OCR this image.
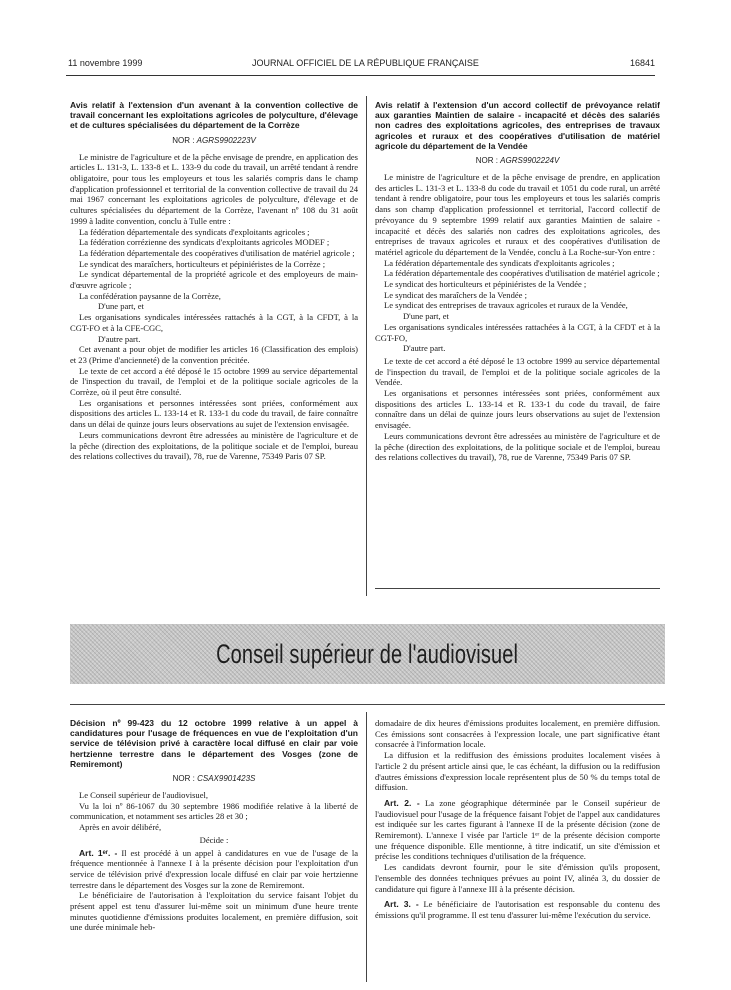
11 novembre 1999	JOURNAL OFFICIEL DE LA RÉPUBLIQUE FRANÇAISE	16841

Avis relatif à l'extension d'un avenant à la convention collective de travail concernant les exploitations agricoles de polyculture, d'élevage et de cultures spécialisées du département de la Corrèze

NOR : AGRS9902223V

Le ministre de l'agriculture et de la pêche envisage de prendre, en application des articles L. 131-3, L. 133-8 et L. 133-9 du code du travail, un arrêté tendant à rendre obligatoire, pour tous les employeurs et tous les salariés compris dans le champ d'application professionnel et territorial de la convention collective de travail du 24 mai 1967 concernant les exploitations agricoles de polyculture, d'élevage et de cultures spécialisées du département de la Corrèze, l'avenant nº 108 du 31 août 1999 à ladite convention, conclu à Tulle entre :

La fédération départementale des syndicats d'exploitants agricoles ;

La fédération corrézienne des syndicats d'exploitants agricoles MODEF ;

La fédération départementale des coopératives d'utilisation de matériel agricole ;

Le syndicat des maraîchers, horticulteurs et pépiniéristes de la Corrèze ;

Le syndicat départemental de la propriété agricole et des employeurs de main-d'œuvre agricole ;

La confédération paysanne de la Corrèze,

D'une part, et

Les organisations syndicales intéressées rattachés à la CGT, à la CFDT, à la CGT-FO et à la CFE-CGC,

D'autre part.

Cet avenant a pour objet de modifier les articles 16 (Classification des emplois) et 23 (Prime d'ancienneté) de la convention précitée.

Le texte de cet accord a été déposé le 15 octobre 1999 au service départemental de l'inspection du travail, de l'emploi et de la politique sociale agricoles de la Corrèze, où il peut être consulté.

Les organisations et personnes intéressées sont priées, conformément aux dispositions des articles L. 133-14 et R. 133-1 du code du travail, de faire connaître dans un délai de quinze jours leurs observations au sujet de l'extension envisagée.

Leurs communications devront être adressées au ministère de l'agriculture et de la pêche (direction des exploitations, de la politique sociale et de l'emploi, bureau des relations collectives du travail), 78, rue de Varenne, 75349 Paris 07 SP.

Avis relatif à l'extension d'un accord collectif de prévoyance relatif aux garanties Maintien de salaire - incapacité et décès des salariés non cadres des exploitations agricoles, des entreprises de travaux agricoles et ruraux et des coopératives d'utilisation de matériel agricole du département de la Vendée

NOR : AGRS9902224V

Le ministre de l'agriculture et de la pêche envisage de prendre, en application des articles L. 131-3 et L. 133-8 du code du travail et 1051 du code rural, un arrêté tendant à rendre obligatoire, pour tous les employeurs et tous les salariés compris dans son champ d'application professionnel et territorial, l'accord collectif de prévoyance du 9 septembre 1999 relatif aux garanties Maintien de salaire - incapacité et décès des salariés non cadres des exploitations agricoles, des entreprises de travaux agricoles et ruraux et des coopératives d'utilisation de matériel agricole du département de la Vendée, conclu à La Roche-sur-Yon entre :

La fédération départementale des syndicats d'exploitants agricoles ;

La fédération départementale des coopératives d'utilisation de matériel agricole ;

Le syndicat des horticulteurs et pépiniéristes de la Vendée ;

Le syndicat des maraîchers de la Vendée ;

Le syndicat des entreprises de travaux agricoles et ruraux de la Vendée,

D'une part, et

Les organisations syndicales intéressées rattachées à la CGT, à la CFDT et à la CGT-FO,

D'autre part.

Le texte de cet accord a été déposé le 13 octobre 1999 au service départemental de l'inspection du travail, de l'emploi et de la politique sociale agricoles de la Vendée.

Les organisations et personnes intéressées sont priées, conformément aux dispositions des articles L. 133-14 et R. 133-1 du code du travail, de faire connaître dans un délai de quinze jours leurs observations au sujet de l'extension envisagée.

Leurs communications devront être adressées au ministère de l'agriculture et de la pêche (direction des exploitations, de la politique sociale et de l'emploi, bureau des relations collectives du travail), 78, rue de Varenne, 75349 Paris 07 SP.

Conseil supérieur de l'audiovisuel

Décision nº 99-423 du 12 octobre 1999 relative à un appel à candidatures pour l'usage de fréquences en vue de l'exploitation d'un service de télévision privé à caractère local diffusé en clair par voie hertzienne terrestre dans le département des Vosges (zone de Remiremont)

NOR : CSAX9901423S

Le Conseil supérieur de l'audiovisuel,

Vu la loi nº 86-1067 du 30 septembre 1986 modifiée relative à la liberté de communication, et notamment ses articles 28 et 30 ;

Après en avoir délibéré,

Décide :

Art. 1ᵉʳ. - Il est procédé à un appel à candidatures en vue de l'usage de la fréquence mentionnée à l'annexe I à la présente décision pour l'exploitation d'un service de télévision privé d'expression locale diffusé en clair par voie hertzienne terrestre dans le département des Vosges sur la zone de Remiremont.

Le bénéficiaire de l'autorisation à l'exploitation du service faisant l'objet du présent appel est tenu d'assurer lui-même soit un minimum d'une heure trente minutes quotidienne d'émissions produites localement, en première diffusion, soit une durée minimale heb-

domadaire de dix heures d'émissions produites localement, en première diffusion. Ces émissions sont consacrées à l'expression locale, une part significative étant consacrée à l'information locale.

La diffusion et la rediffusion des émissions produites localement visées à l'article 2 du présent article ainsi que, le cas échéant, la diffusion ou la rediffusion d'autres émissions d'expression locale représentent plus de 50 % du temps total de diffusion.

Art. 2. - La zone géographique déterminée par le Conseil supérieur de l'audiovisuel pour l'usage de la fréquence faisant l'objet de l'appel aux candidatures est indiquée sur les cartes figurant à l'annexe II de la présente décision (zone de Remiremont). L'annexe I visée par l'article 1ᵉʳ de la présente décision comporte une fréquence disponible. Elle mentionne, à titre indicatif, un site d'émission et précise les conditions techniques d'utilisation de la fréquence.

Les candidats devront fournir, pour le site d'émission qu'ils proposent, l'ensemble des données techniques prévues au point IV, alinéa 3, du dossier de candidature qui figure à l'annexe III à la présente décision.

Art. 3. - Le bénéficiaire de l'autorisation est responsable du contenu des émissions qu'il programme. Il est tenu d'assurer lui-même l'exécution du service.
